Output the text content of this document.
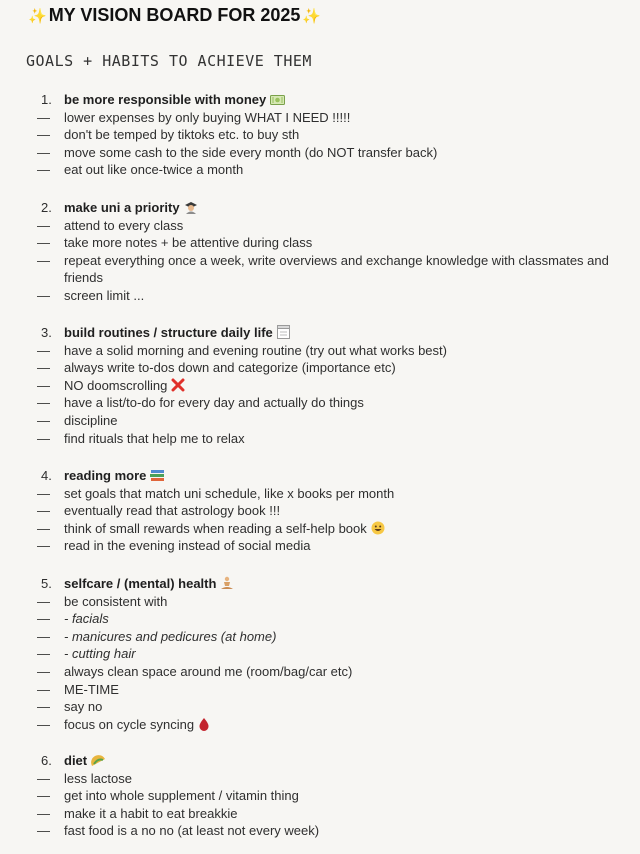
✨ MY VISION BOARD FOR 2025 ✨
GOALS + HABITS TO ACHIEVE THEM
1. be more responsible with money
— lower expenses by only buying WHAT I NEED !!!!!
— don't be temped by tiktoks etc. to buy sth
— move some cash to the side every month (do NOT transfer back)
— eat out like once-twice a month
2. make uni a priority
— attend to every class
— take more notes + be attentive during class
— repeat everything once a week, write overviews and exchange knowledge with classmates and friends
— screen limit ...
3. build routines / structure daily life
— have a solid morning and evening routine (try out what works best)
— always write to-dos down and categorize (importance etc)
— NO doomscrolling
— have a list/to-do for every day and actually do things
— discipline
— find rituals that help me to relax
4. reading more
— set goals that match uni schedule, like x books per month
— eventually read that astrology book !!!
— think of small rewards when reading a self-help book
— read in the evening instead of social media
5. selfcare / (mental) health
— be consistent with
— - facials
— - manicures and pedicures (at home)
— - cutting hair
— always clean space around me (room/bag/car etc)
— ME-TIME
— say no
— focus on cycle syncing
6. diet
— less lactose
— get into whole supplement / vitamin thing
— make it a habit to eat breakkie
— fast food is a no no (at least not every week)
